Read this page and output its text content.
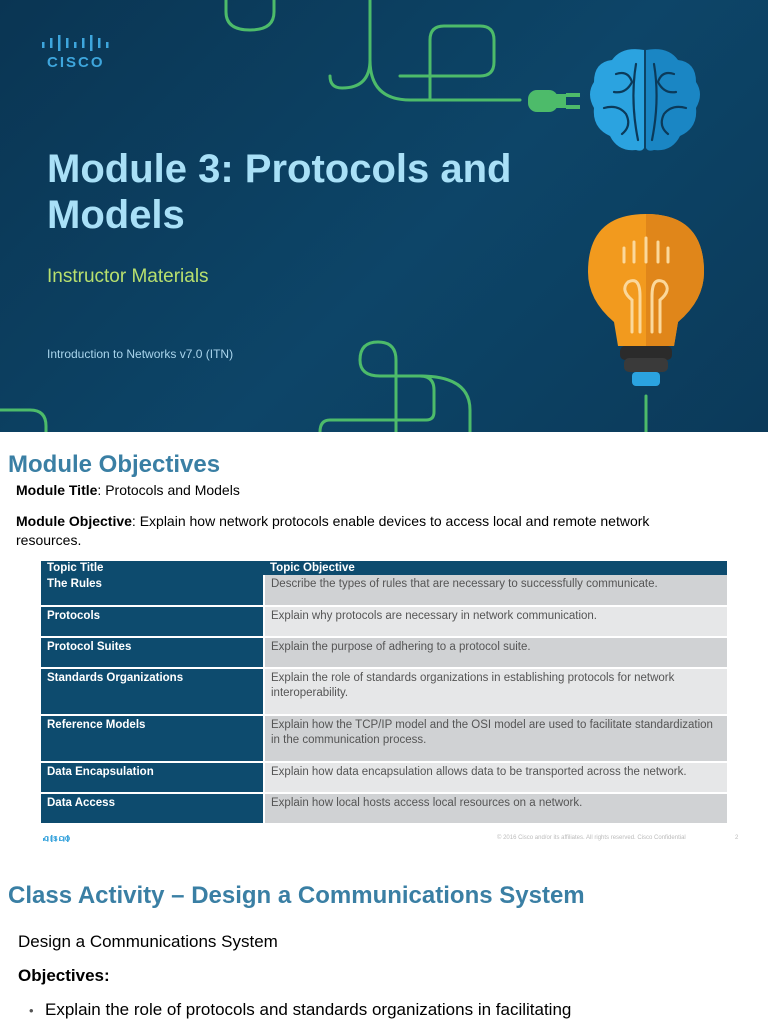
CISCO
Module 3: Protocols and Models
Instructor Materials
Introduction to Networks v7.0 (ITN)
Module Objectives

Module Title: Protocols and Models

Module Objective: Explain how network protocols enable devices to access local and remote network resources.

Topic Title	Topic Objective
The Rules	Describe the types of rules that are necessary to successfully communicate.
Protocols	Explain why protocols are necessary in network communication.
Protocol Suites	Explain the purpose of adhering to a protocol suite.
Standards Organizations	Explain the role of standards organizations in establishing protocols for network interoperability.
Reference Models	Explain how the TCP/IP model and the OSI model are used to facilitate standardization in the communication process.
Data Encapsulation	Explain how data encapsulation allows data to be transported across the network.
Data Access	Explain how local hosts access local resources on a network.
CISCO	© 2016 Cisco and/or its affiliates. All rights reserved. Cisco Confidential	2
Class Activity – Design a Communications System
Design a Communications System
Objectives:
• Explain the role of protocols and standards organizations in facilitating
